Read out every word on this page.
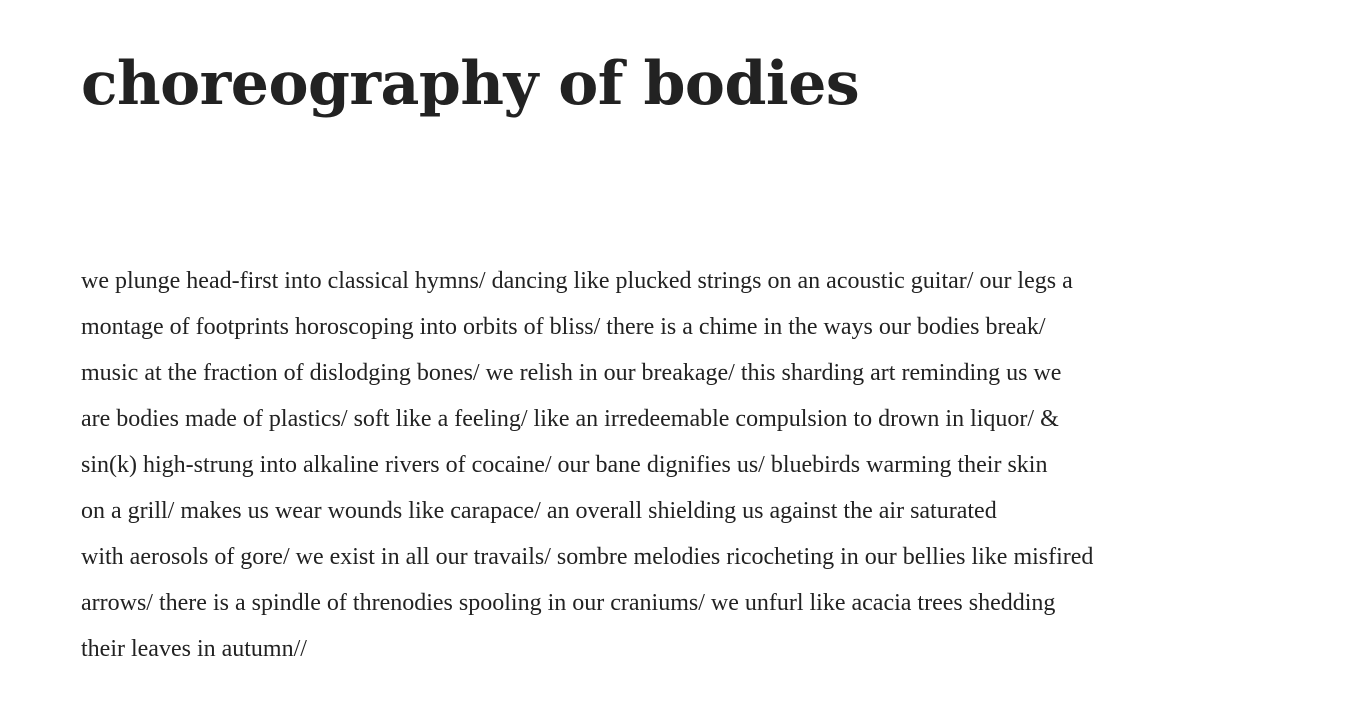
choreography of bodies
we plunge head-first into classical hymns/ dancing like plucked strings on an acoustic guitar/ our legs a
montage of footprints horoscoping into orbits of bliss/ there is a chime in the ways our bodies break/
music at the fraction of dislodging bones/ we relish in our breakage/ this sharding art reminding us we
are bodies made of plastics/ soft like a feeling/ like an irredeemable compulsion to drown in liquor/ &
sin(k) high-strung into alkaline rivers of cocaine/ our bane dignifies us/ bluebirds warming their skin
on a grill/ makes us wear wounds like carapace/ an overall shielding us against the air saturated
with aerosols of gore/ we exist in all our travails/ sombre melodies ricocheting in our bellies like misfired
arrows/ there is a spindle of threnodies spooling in our craniums/ we unfurl like acacia trees shedding
their leaves in autumn//
